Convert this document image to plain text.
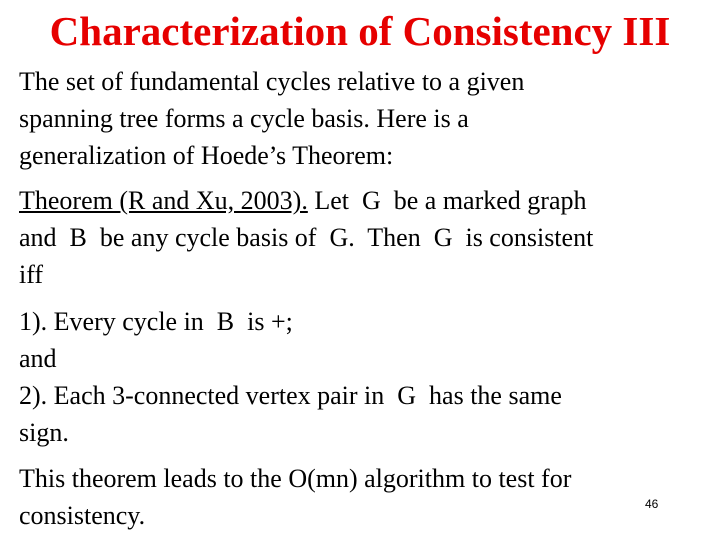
Characterization of Consistency III

The set of fundamental cycles relative to a given
spanning tree forms a cycle basis. Here is a
generalization of Hoede’s Theorem:

Theorem (R and Xu, 2003). Let  G  be a marked graph
and  B  be any cycle basis of  G.  Then  G  is consistent
iff

1). Every cycle in  B  is +;
and
2). Each 3-connected vertex pair in  G  has the same
sign.

This theorem leads to the O(mn) algorithm to test for
consistency.	46
